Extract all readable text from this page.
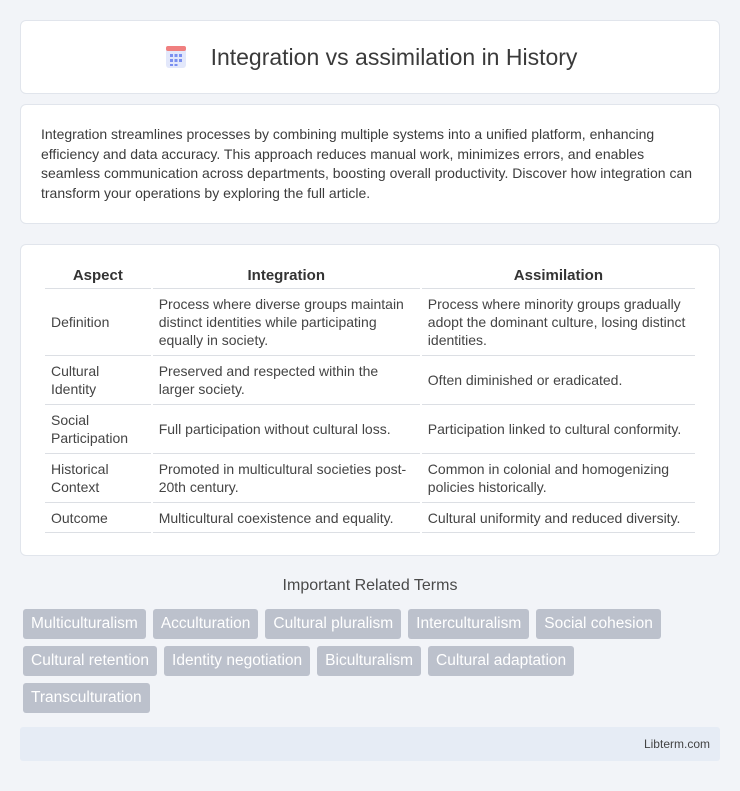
Integration vs assimilation in History

Integration streamlines processes by combining multiple systems into a unified platform, enhancing efficiency and data accuracy. This approach reduces manual work, minimizes errors, and enables seamless communication across departments, boosting overall productivity. Discover how integration can transform your operations by exploring the full article.

Aspect	Integration	Assimilation
Definition	Process where diverse groups maintain distinct identities while participating equally in society.	Process where minority groups gradually adopt the dominant culture, losing distinct identities.
Cultural Identity	Preserved and respected within the larger society.	Often diminished or eradicated.
Social Participation	Full participation without cultural loss.	Participation linked to cultural conformity.
Historical Context	Promoted in multicultural societies post-20th century.	Common in colonial and homogenizing policies historically.
Outcome	Multicultural coexistence and equality.	Cultural uniformity and reduced diversity.
Important Related Terms
Multiculturalism	Acculturation	Cultural pluralism	Interculturalism	Social cohesion
Cultural retention	Identity negotiation	Biculturalism	Cultural adaptation
Transculturation
Libterm.com
